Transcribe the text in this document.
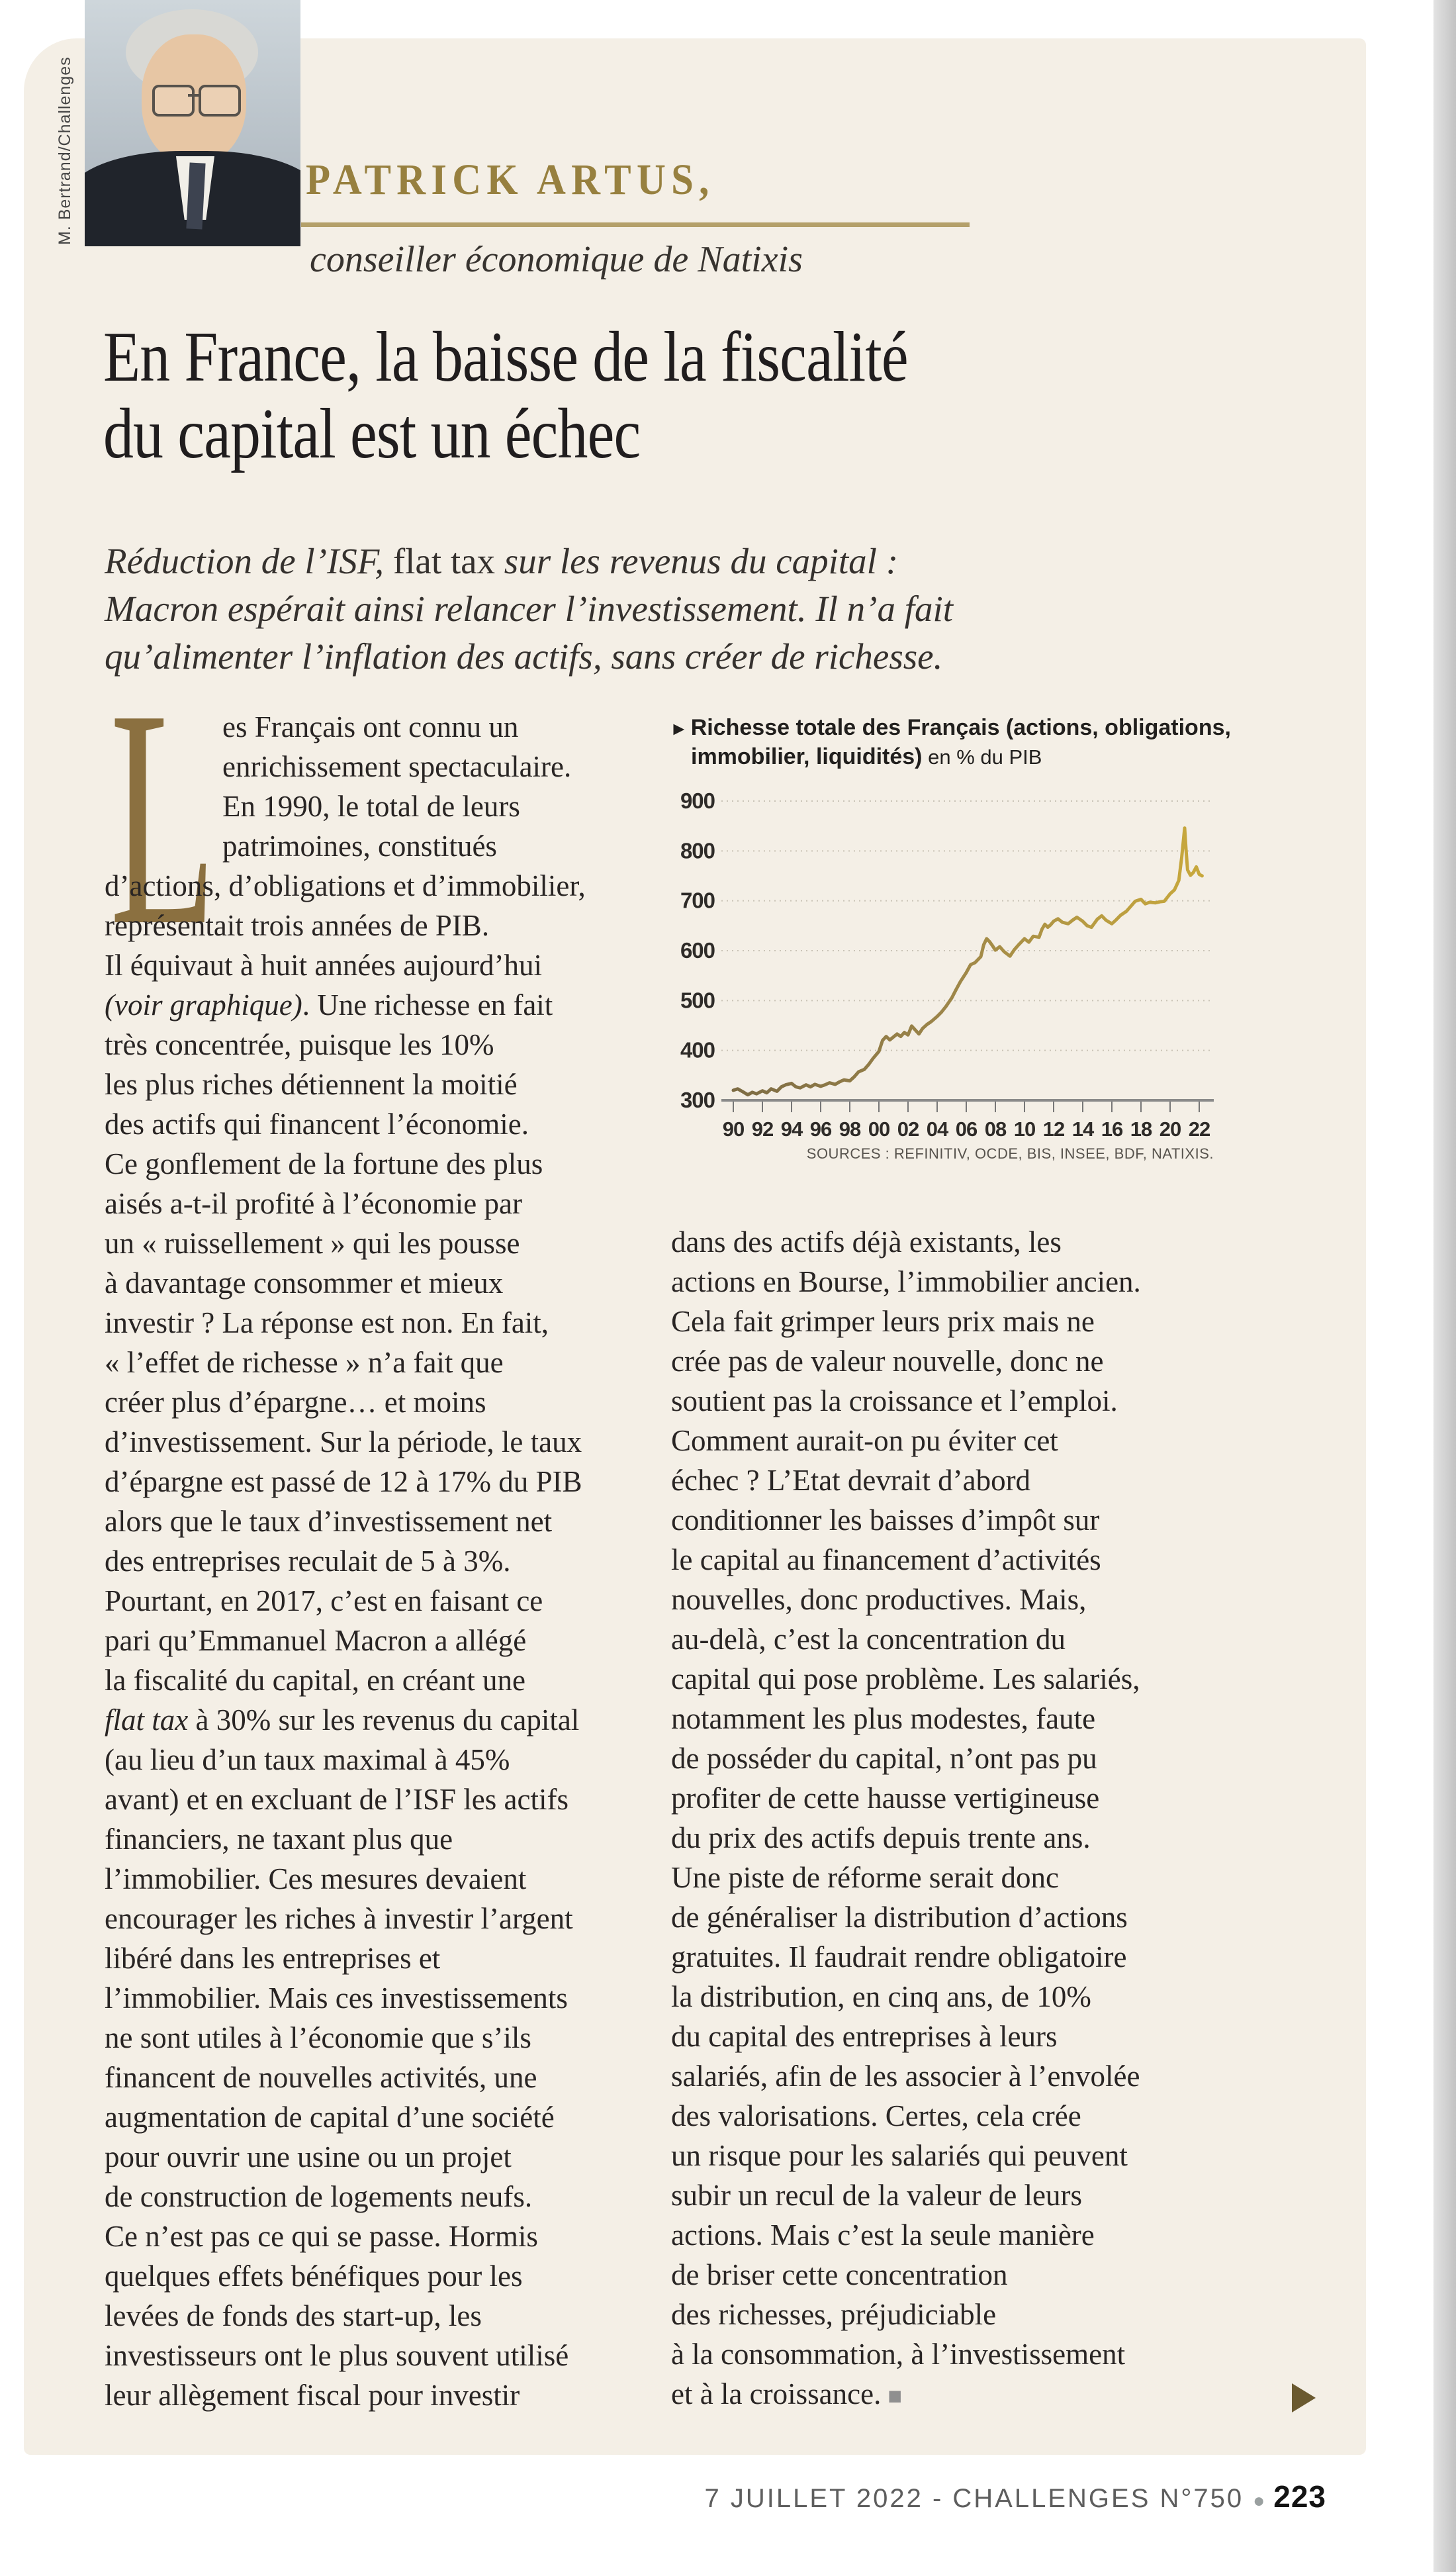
M. Bertrand/Challenges	PATRICK ARTUS,
conseiller économique de Natixis
En France, la baisse de la fiscalité
du capital est un échec
Réduction de l’ISF, flat tax sur les revenus du capital :
Macron espérait ainsi relancer l’investissement. Il n’a fait
qu’alimenter l’inflation des actifs, sans créer de richesse.
L es Français ont connu un
enrichissement spectaculaire.
En 1990, le total de leurs
patrimoines, constitués
d’actions, d’obligations et d’immobilier,
représentait trois années de PIB.
Il équivaut à huit années aujourd’hui
(voir graphique). Une richesse en fait
très concentrée, puisque les 10%
les plus riches détiennent la moitié
des actifs qui financent l’économie.
Ce gonflement de la fortune des plus
aisés a-t-il profité à l’économie par
un « ruissellement » qui les pousse
à davantage consommer et mieux
investir ? La réponse est non. En fait,
« l’effet de richesse » n’a fait que
créer plus d’épargne… et moins
d’investissement. Sur la période, le taux
d’épargne est passé de 12 à 17% du PIB
alors que le taux d’investissement net
des entreprises reculait de 5 à 3%.
Pourtant, en 2017, c’est en faisant ce
pari qu’Emmanuel Macron a allégé
la fiscalité du capital, en créant une
flat tax à 30% sur les revenus du capital
(au lieu d’un taux maximal à 45%
avant) et en excluant de l’ISF les actifs
financiers, ne taxant plus que
l’immobilier. Ces mesures devaient
encourager les riches à investir l’argent
libéré dans les entreprises et
l’immobilier. Mais ces investissements
ne sont utiles à l’économie que s’ils
financent de nouvelles activités, une
augmentation de capital d’une société
pour ouvrir une usine ou un projet
de construction de logements neufs.
Ce n’est pas ce qui se passe. Hormis
quelques effets bénéfiques pour les
levées de fonds des start-up, les
investisseurs ont le plus souvent utilisé
leur allègement fiscal pour investir
dans des actifs déjà existants, les
actions en Bourse, l’immobilier ancien.
Cela fait grimper leurs prix mais ne
crée pas de valeur nouvelle, donc ne
soutient pas la croissance et l’emploi.
Comment aurait-on pu éviter cet
échec ? L’Etat devrait d’abord
conditionner les baisses d’impôt sur
le capital au financement d’activités
nouvelles, donc productives. Mais,
au-delà, c’est la concentration du
capital qui pose problème. Les salariés,
notamment les plus modestes, faute
de posséder du capital, n’ont pas pu
profiter de cette hausse vertigineuse
du prix des actifs depuis trente ans.
Une piste de réforme serait donc
de généraliser la distribution d’actions
gratuites. Il faudrait rendre obligatoire
la distribution, en cinq ans, de 10%
du capital des entreprises à leurs
salariés, afin de les associer à l’envolée
des valorisations. Certes, cela crée
un risque pour les salariés qui peuvent
subir un recul de la valeur de leurs
actions. Mais c’est la seule manière
de briser cette concentration
des richesses, préjudiciable
à la consommation, à l’investissement
et à la croissance. ■
► Richesse totale des Français (actions, obligations,
immobilier, liquidités) en % du PIB
900
800
700
600
500
400
300
90 92 94 96 98 00 02 04 06 08 10 12 14 16 18 20 22
SOURCES : REFINITIV, OCDE, BIS, INSEE, BDF, NATIXIS.
7 JUILLET 2022 - CHALLENGES N°750 ● 223
